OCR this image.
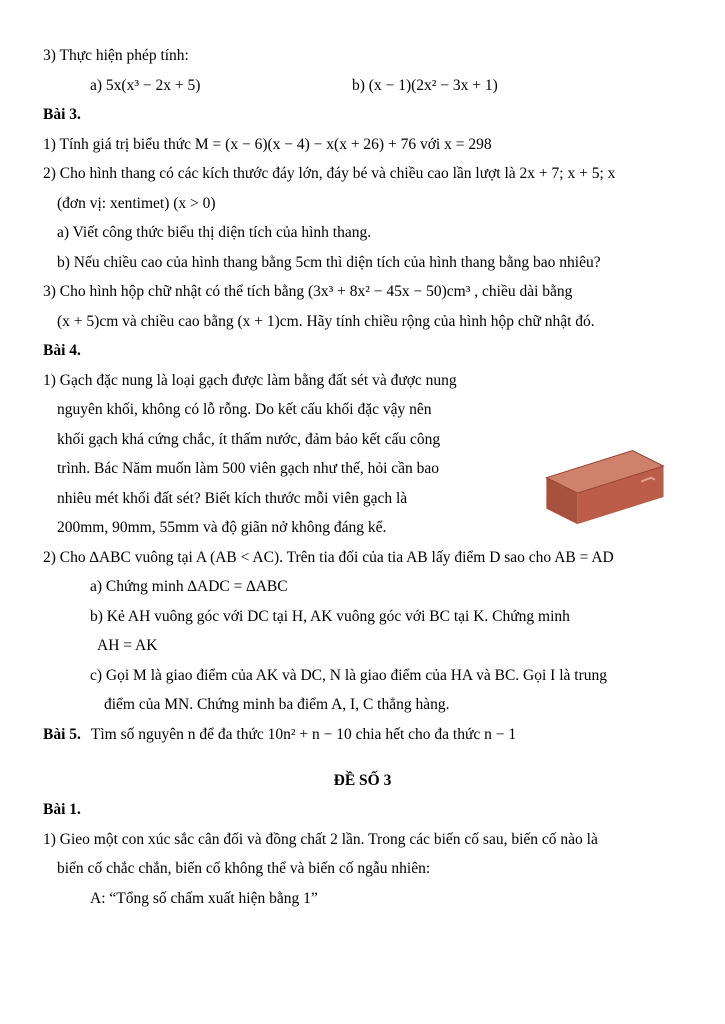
3) Thực hiện phép tính:
a) 5x(x³ − 2x + 5)	b) (x − 1)(2x² − 3x + 1)
Bài 3.
1) Tính giá trị biểu thức M = (x − 6)(x − 4) − x(x + 26) + 76 với x = 298
2) Cho hình thang có các kích thước đáy lớn, đáy bé và chiều cao lần lượt là 2x + 7; x + 5; x
(đơn vị: xentimet) (x > 0)
a) Viết công thức biểu thị diện tích của hình thang.
b) Nếu chiều cao của hình thang bằng 5cm thì diện tích của hình thang bằng bao nhiêu?
3) Cho hình hộp chữ nhật có thể tích bằng (3x³ + 8x² − 45x − 50)cm³ , chiều dài bằng
(x + 5)cm và chiều cao bằng (x + 1)cm. Hãy tính chiều rộng của hình hộp chữ nhật đó.
Bài 4.
1) Gạch đặc nung là loại gạch được làm bằng đất sét và được nung
nguyên khối, không có lỗ rỗng. Do kết cấu khối đặc vậy nên
khối gạch khá cứng chắc, ít thấm nước, đảm bảo kết cấu công
trình. Bác Năm muốn làm 500 viên gạch như thế, hỏi cần bao
nhiêu mét khối đất sét? Biết kích thước mỗi viên gạch là
200mm, 90mm, 55mm và độ giãn nở không đáng kể.
2) Cho ∆ABC vuông tại A (AB < AC). Trên tia đối của tia AB lấy điểm D sao cho AB = AD
a) Chứng minh ∆ADC = ∆ABC
b) Kẻ AH vuông góc với DC tại H, AK vuông góc với BC tại K. Chứng minh
AH = AK
c) Gọi M là giao điểm của AK và DC, N là giao điểm của HA và BC. Gọi I là trung
điểm của MN. Chứng minh ba điểm A, I, C thẳng hàng.
Bài 5. Tìm số nguyên n để đa thức 10n² + n − 10 chia hết cho đa thức n − 1
ĐỀ SỐ 3
Bài 1.
1) Gieo một con xúc sắc cân đối và đồng chất 2 lần. Trong các biến cố sau, biến cố nào là
biến cố chắc chắn, biến cố không thể và biến cố ngẫu nhiên:
A: “Tổng số chấm xuất hiện bằng 1”
